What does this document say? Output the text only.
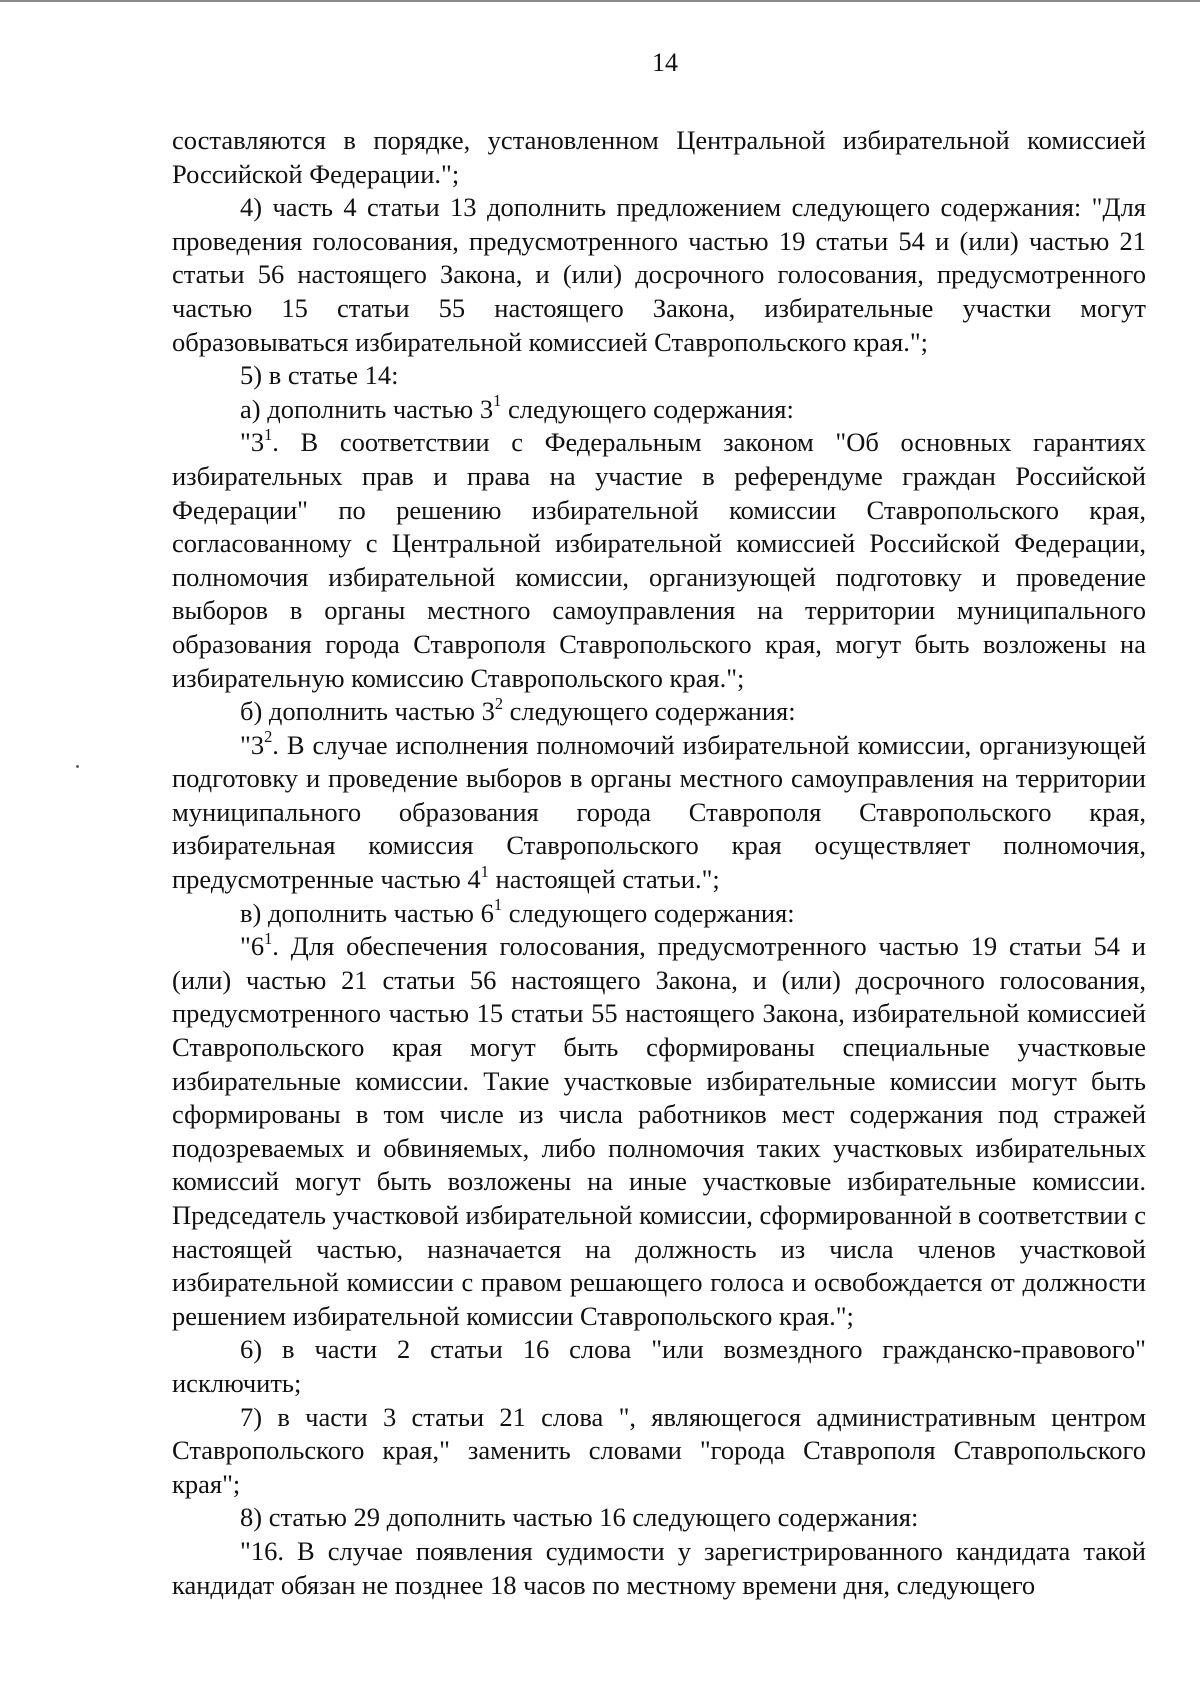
14

составляются в порядке, установленном Центральной избирательной комиссией Российской Федерации.";

4) часть 4 статьи 13 дополнить предложением следующего содержания: "Для проведения голосования, предусмотренного частью 19 статьи 54 и (или) частью 21 статьи 56 настоящего Закона, и (или) досрочного голосования, предусмотренного частью 15 статьи 55 настоящего Закона, избирательные участки могут образовываться избирательной комиссией Ставропольского края.";

5) в статье 14:

а) дополнить частью $3^1$ следующего содержания:

"$3^1$. В соответствии с Федеральным законом "Об основных гарантиях избирательных прав и права на участие в референдуме граждан Российской Федерации" по решению избирательной комиссии Ставропольского края, согласованному с Центральной избирательной комиссией Российской Федерации, полномочия избирательной комиссии, организующей подготовку и проведение выборов в органы местного самоуправления на территории муниципального образования города Ставрополя Ставропольского края, могут быть возложены на избирательную комиссию Ставропольского края.";

б) дополнить частью $3^2$ следующего содержания:

"$3^2$. В случае исполнения полномочий избирательной комиссии, организующей подготовку и проведение выборов в органы местного самоуправления на территории муниципального образования города Ставрополя Ставропольского края, избирательная комиссия Ставропольского края осуществляет полномочия, предусмотренные частью $4^1$ настоящей статьи.";

в) дополнить частью $6^1$ следующего содержания:

"$6^1$. Для обеспечения голосования, предусмотренного частью 19 статьи 54 и (или) частью 21 статьи 56 настоящего Закона, и (или) досрочного голосования, предусмотренного частью 15 статьи 55 настоящего Закона, избирательной комиссией Ставропольского края могут быть сформированы специальные участковые избирательные комиссии. Такие участковые избирательные комиссии могут быть сформированы в том числе из числа работников мест содержания под стражей подозреваемых и обвиняемых, либо полномочия таких участковых избирательных комиссий могут быть возложены на иные участковые избирательные комиссии. Председатель участковой избирательной комиссии, сформированной в соответствии с настоящей частью, назначается на должность из числа членов участковой избирательной комиссии с правом решающего голоса и освобождается от должности решением избирательной комиссии Ставропольского края.";

6) в части 2 статьи 16 слова "или возмездного гражданско-правового" исключить;

7) в части 3 статьи 21 слова ", являющегося административным центром Ставропольского края," заменить словами "города Ставрополя Ставропольского края";

8) статью 29 дополнить частью 16 следующего содержания:

"16. В случае появления судимости у зарегистрированного кандидата такой кандидат обязан не позднее 18 часов по местному времени дня, следующего
